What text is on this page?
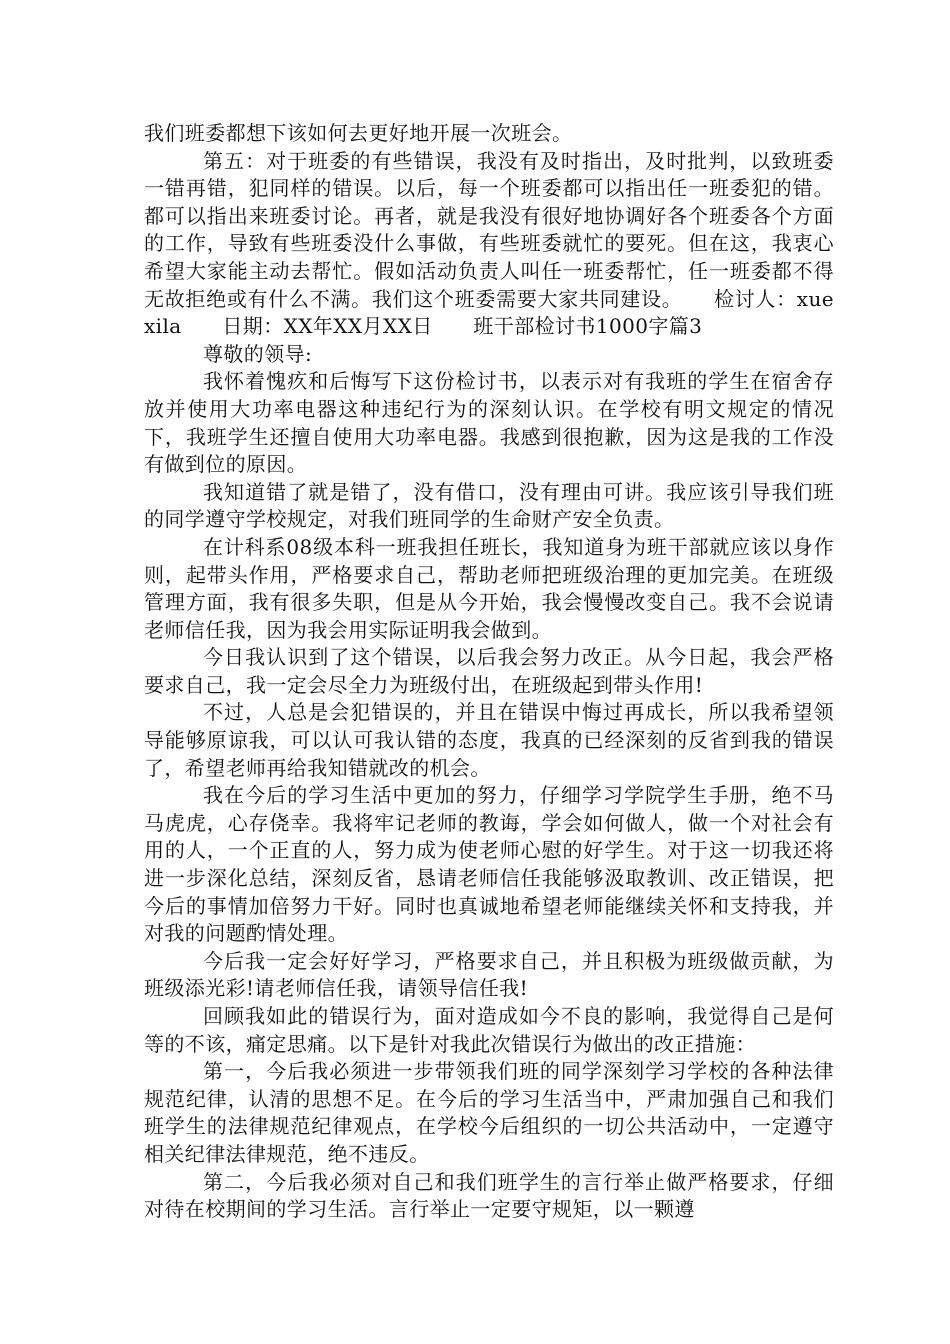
我们班委都想下该如何去更好地开展一次班会。

第五：对于班委的有些错误，我没有及时指出，及时批判，以致班委一错再错，犯同样的错误。以后，每一个班委都可以指出任一班委犯的错。都可以指出来班委讨论。再者，就是我没有很好地协调好各个班委各个方面的工作，导致有些班委没什么事做，有些班委就忙的要死。但在这，我衷心希望大家能主动去帮忙。假如活动负责人叫任一班委帮忙，任一班委都不得无故拒绝或有什么不满。我们这个班委需要大家共同建设。　　检讨人：xuexila　　日期：XX年XX月XX日　　班干部检讨书1000字篇3

尊敬的领导:

我怀着愧疚和后悔写下这份检讨书，以表示对有我班的学生在宿舍存放并使用大功率电器这种违纪行为的深刻认识。在学校有明文规定的情况下，我班学生还擅自使用大功率电器。我感到很抱歉，因为这是我的工作没有做到位的原因。

我知道错了就是错了，没有借口，没有理由可讲。我应该引导我们班的同学遵守学校规定，对我们班同学的生命财产安全负责。

在计科系08级本科一班我担任班长，我知道身为班干部就应该以身作则，起带头作用，严格要求自己，帮助老师把班级治理的更加完美。在班级管理方面，我有很多失职，但是从今开始，我会慢慢改变自己。我不会说请老师信任我，因为我会用实际证明我会做到。

今日我认识到了这个错误，以后我会努力改正。从今日起，我会严格要求自己，我一定会尽全力为班级付出，在班级起到带头作用!

不过，人总是会犯错误的，并且在错误中悔过再成长，所以我希望领导能够原谅我，可以认可我认错的态度，我真的已经深刻的反省到我的错误了，希望老师再给我知错就改的机会。

我在今后的学习生活中更加的努力，仔细学习学院学生手册，绝不马马虎虎，心存侥幸。我将牢记老师的教诲，学会如何做人，做一个对社会有用的人，一个正直的人，努力成为使老师心慰的好学生。对于这一切我还将进一步深化总结，深刻反省，恳请老师信任我能够汲取教训、改正错误，把今后的事情加倍努力干好。同时也真诚地希望老师能继续关怀和支持我，并对我的问题酌情处理。

今后我一定会好好学习，严格要求自己，并且积极为班级做贡献，为班级添光彩!请老师信任我，请领导信任我!

回顾我如此的错误行为，面对造成如今不良的影响，我觉得自己是何等的不该，痛定思痛。以下是针对我此次错误行为做出的改正措施：

第一，今后我必须进一步带领我们班的同学深刻学习学校的各种法律规范纪律，认清的思想不足。在今后的学习生活当中，严肃加强自己和我们班学生的法律规范纪律观点，在学校今后组织的一切公共活动中，一定遵守相关纪律法律规范，绝不违反。

第二，今后我必须对自己和我们班学生的言行举止做严格要求，仔细对待在校期间的学习生活。言行举止一定要守规矩，以一颗遵
